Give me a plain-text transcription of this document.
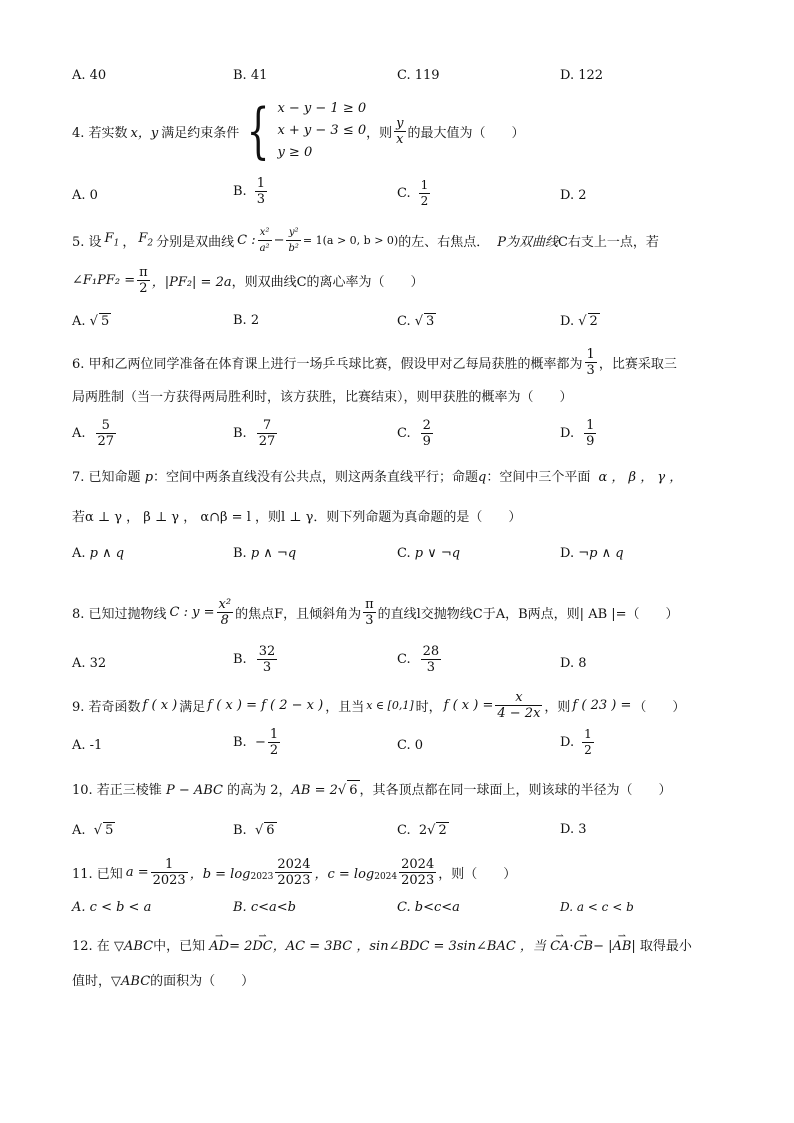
A. 40	B. 41	C. 119	D. 122
4. 若实数 x，y 满足约束条件 { x − y − 1 ≥ 0
x + y − 3 ≤ 0
y ≥ 0
，则 $\frac{y}{x}$ 的最大值为（　　）
A. 0	B. $\frac{1}{3}$	C. $\frac{1}{2}$	D. 2
5. 设 $F_1$ ， $F_2$ 分别是双曲线 C : $\frac{\text{x²}}{\text{a²}} - \frac{\text{y²}}{\text{b²}} = 1(a > 0$, b > 0) 的左、右焦点． P为双曲线 C右支上一点，若
∠F₁PF₂ = $\frac{\pi}{2}$ ，|PF₂| = 2a ，则双曲线C的离心率为（　　）
A. √ 5	B. 2	C. √ 3	D. √ 2
6. 甲和乙两位同学准备在体育课上进行一场乒乓球比赛，假设甲对乙每局获胜的概率都为 $\frac{1}{3}$ ，比赛采取三
局两胜制（当一方获得两局胜利时，该方获胜，比赛结束），则甲获胜的概率为（　　）
A. $\frac{5}{27}$	B. $\frac{7}{27}$	C. $\frac{2}{9}$	D. $\frac{1}{9}$
7. 已知命题 p：空间中两条直线没有公共点，则这两条直线平行；命题q：空间中三个平面 α ， β ， γ ，
若α ⊥ γ ， β ⊥ γ ， α∩β = l ，则l ⊥ γ．则下列命题为真命题的是（　　）
A. p ∧ q	B. p ∧ ¬q	C. p ∨ ¬q	D. ¬p ∧ q
8. 已知过抛物线 C : $y = \frac{\text{x²}}{8}$ 的焦点F，且倾斜角为 $\frac{\pi}{3}$ 的直线l交抛物线C于A，B两点，则| AB |=（　　）
A. 32	B. $\frac{32}{3}$	C. $\frac{28}{3}$	D. 8
9. 若奇函数 f ( x ) 满足 f ( x ) = f ( 2 − x ) ，且当 x ∈ [0,1] 时， f ( x ) = $\frac{x}{4 - 2x}$ ，则 f ( 23 ) = （　　）
A. -1	B.  − $\frac{1}{2}$	C. 0	D. $\frac{1}{2}$
10. 若正三棱锥 P − ABC 的高为 2，AB = 2√ 6 ，其各顶点都在同一球面上，则该球的半径为（　　）
A.  √ 5	B.  √ 6	C.  2√ 2	D. 3
11. 已知 $a = \frac{1}{2023}$ ，$b = \log_{2023} \frac{2024}{2023}$ ，$c = \log_{2024} \frac{2024}{2023}$ ，则（　　）
A. c < b < a	B. c<a<b	C. b<c<a	D. a < c < b
12. 在 ▽ABC中，已知 ⇀ AD= 2⇀ DC，AC = 3BC ，sin∠BDC = 3sin∠BAC ，当 ⇀ CA·⇀ CB− |⇀ AB| 取得最小
值时，▽ABC的面积为（　　）
